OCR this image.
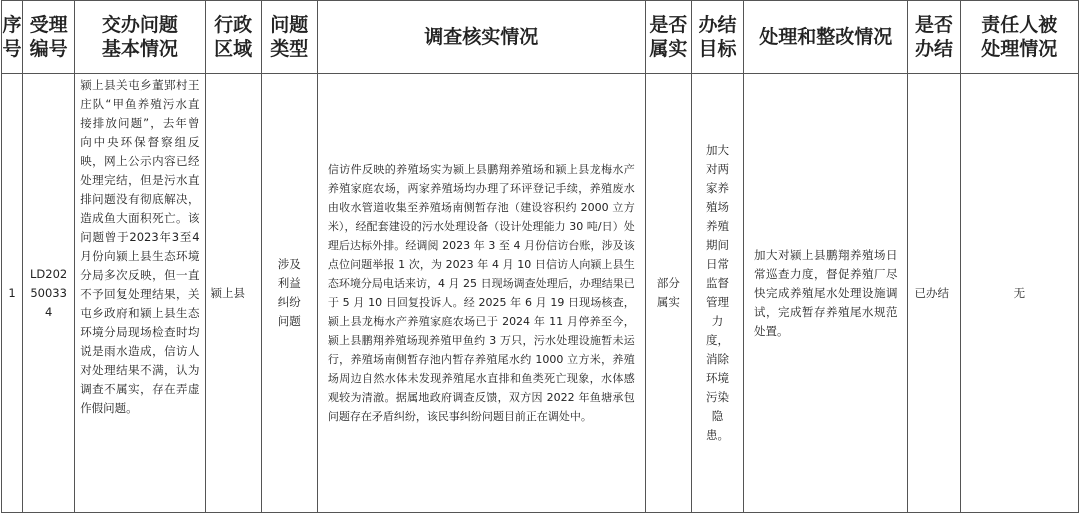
序号	受理编号	交办问题基本情况	行政区域	问题类型	调查核实情况	是否属实	办结目标	处理和整改情况	是否办结	责任人被处理情况
1	LD20250033 4	颍上县关屯乡董郢村王庄队“甲鱼养殖污水直接排放问题”，去年曾向中央环保督察组反映，网上公示内容已经处理完结，但是污水直排问题没有彻底解决，造成鱼大面积死亡。该问题曾于2023年3至4月份向颍上县生态环境分局多次反映，但一直不予回复处理结果，关屯乡政府和颍上县生态环境分局现场检查时均说是雨水造成，信访人对处理结果不满，认为调查不属实，存在弄虚作假问题。	颍上县	涉及利益纠纷问题	信访件反映的养殖场实为颍上县鹏翔养殖场和颍上县龙梅水产养殖家庭农场，两家养殖场均办理了环评登记手续，养殖废水由收水管道收集至养殖场南侧暂存池（建设容积约 2000 立方米），经配套建设的污水处理设备（设计处理能力 30 吨/日）处理后达标外排。经调阅 2023 年 3 至 4 月份信访台账，涉及该点位问题举报 1 次，为 2023 年 4 月 10 日信访人向颍上县生态环境分局电话来访，4 月 25 日现场调查处理后，办理结果已于 5 月 10 日回复投诉人。经 2025 年 6 月 19 日现场核查，颍上县龙梅水产养殖家庭农场已于 2024 年 11 月停养至今，颍上县鹏翔养殖场现养殖甲鱼约 3 万只，污水处理设施暂未运行，养殖场南侧暂存池内暂存养殖尾水约 1000 立方米，养殖场周边自然水体未发现养殖尾水直排和鱼类死亡现象，水体感观较为清澈。据属地政府调查反馈，双方因 2022 年鱼塘承包问题存在矛盾纠纷，该民事纠纷问题目前正在调处中。	部分属实	加大对两家养殖场养殖期间日常监督管理力度，消除环境污染隐患。	加大对颍上县鹏翔养殖场日常巡查力度，督促养殖厂尽快完成养殖尾水处理设施调试，完成暂存养殖尾水规范处置。	已办结	无
